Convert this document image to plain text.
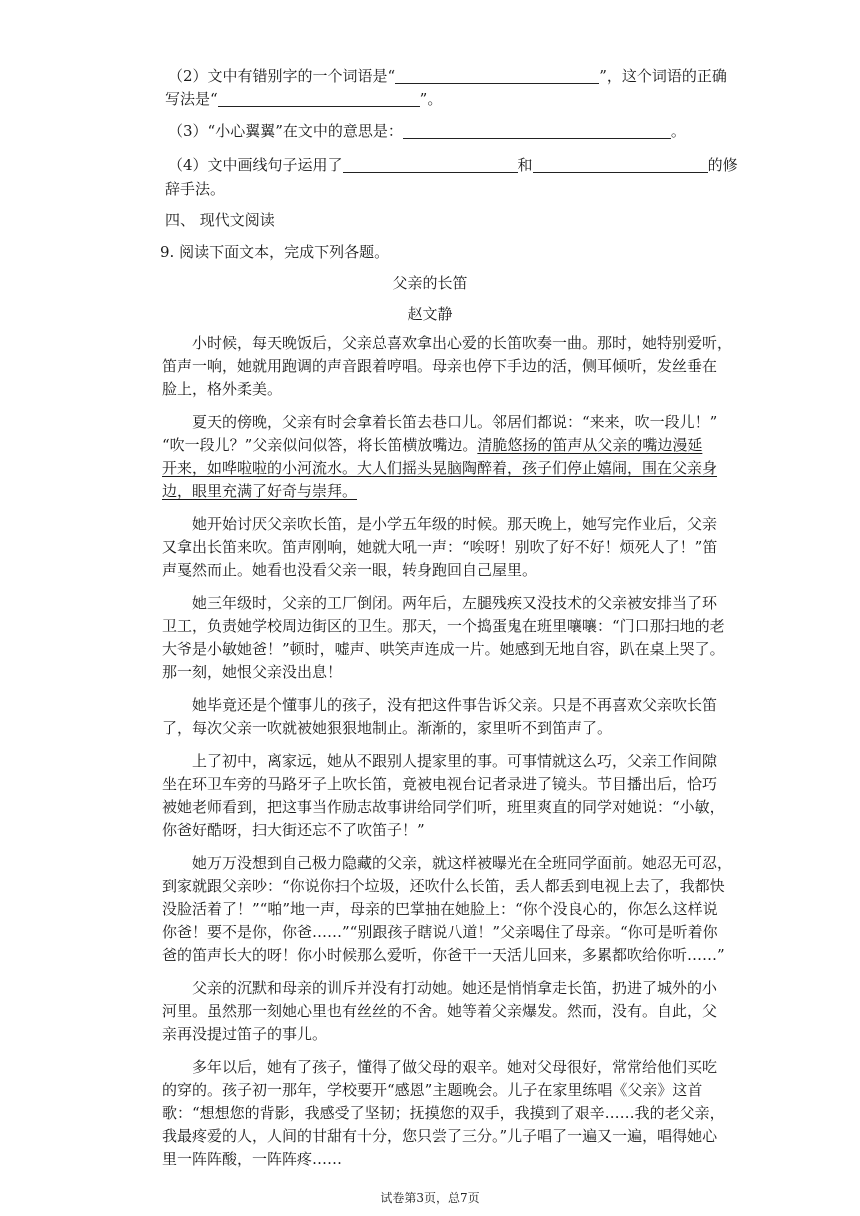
（2）文中有错别字的一个词语是“	”，这个词语的正确
写法是“	”。
（3）“小心翼翼”在文中的意思是：	。
（4）文中画线句子运用了	和	的修
辞手法。
四、 现代文阅读
9. 阅读下面文本，完成下列各题。
父亲的长笛
赵文静
小时候，每天晚饭后，父亲总喜欢拿出心爱的长笛吹奏一曲。那时，她特别爱听，
笛声一响，她就用跑调的声音跟着哼唱。母亲也停下手边的活，侧耳倾听，发丝垂在
脸上，格外柔美。
夏天的傍晚，父亲有时会拿着长笛去巷口儿。邻居们都说：“来来，吹一段儿！”
“吹一段儿？”父亲似问似答，将长笛横放嘴边。清脆悠扬的笛声从父亲的嘴边漫延
开来，如哗啦啦的小河流水。大人们摇头晃脑陶醉着，孩子们停止嬉闹，围在父亲身
边，眼里充满了好奇与崇拜。
她开始讨厌父亲吹长笛，是小学五年级的时候。那天晚上，她写完作业后，父亲
又拿出长笛来吹。笛声刚响，她就大吼一声：“唉呀！别吹了好不好！烦死人了！”笛
声戛然而止。她看也没看父亲一眼，转身跑回自己屋里。
她三年级时，父亲的工厂倒闭。两年后，左腿残疾又没技术的父亲被安排当了环
卫工，负责她学校周边街区的卫生。那天，一个捣蛋鬼在班里嚷嚷：“门口那扫地的老
大爷是小敏她爸！”顿时，嘘声、哄笑声连成一片。她感到无地自容，趴在桌上哭了。
那一刻，她恨父亲没出息！
她毕竟还是个懂事儿的孩子，没有把这件事告诉父亲。只是不再喜欢父亲吹长笛
了，每次父亲一吹就被她狠狠地制止。渐渐的，家里听不到笛声了。
上了初中，离家远，她从不跟别人提家里的事。可事情就这么巧，父亲工作间隙
坐在环卫车旁的马路牙子上吹长笛，竟被电视台记者录进了镜头。节目播出后，恰巧
被她老师看到，把这事当作励志故事讲给同学们听，班里爽直的同学对她说：“小敏，
你爸好酷呀，扫大街还忘不了吹笛子！”
她万万没想到自己极力隐藏的父亲，就这样被曝光在全班同学面前。她忍无可忍，
到家就跟父亲吵：“你说你扫个垃圾，还吹什么长笛，丢人都丢到电视上去了，我都快
没脸活着了！”“啪”地一声，母亲的巴掌抽在她脸上：“你个没良心的，你怎么这样说
你爸！要不是你，你爸……”“别跟孩子瞎说八道！”父亲喝住了母亲。“你可是听着你
爸的笛声长大的呀！你小时候那么爱听，你爸干一天活儿回来，多累都吹给你听……”
父亲的沉默和母亲的训斥并没有打动她。她还是悄悄拿走长笛，扔进了城外的小
河里。虽然那一刻她心里也有丝丝的不舍。她等着父亲爆发。然而，没有。自此，父
亲再没提过笛子的事儿。
多年以后，她有了孩子，懂得了做父母的艰辛。她对父母很好，常常给他们买吃
的穿的。孩子初一那年，学校要开“感恩”主题晚会。儿子在家里练唱《父亲》这首
歌：“想想您的背影，我感受了坚韧；抚摸您的双手，我摸到了艰辛……我的老父亲，
我最疼爱的人，人间的甘甜有十分，您只尝了三分。”儿子唱了一遍又一遍，唱得她心
里一阵阵酸，一阵阵疼……
试卷第3页，总7页
